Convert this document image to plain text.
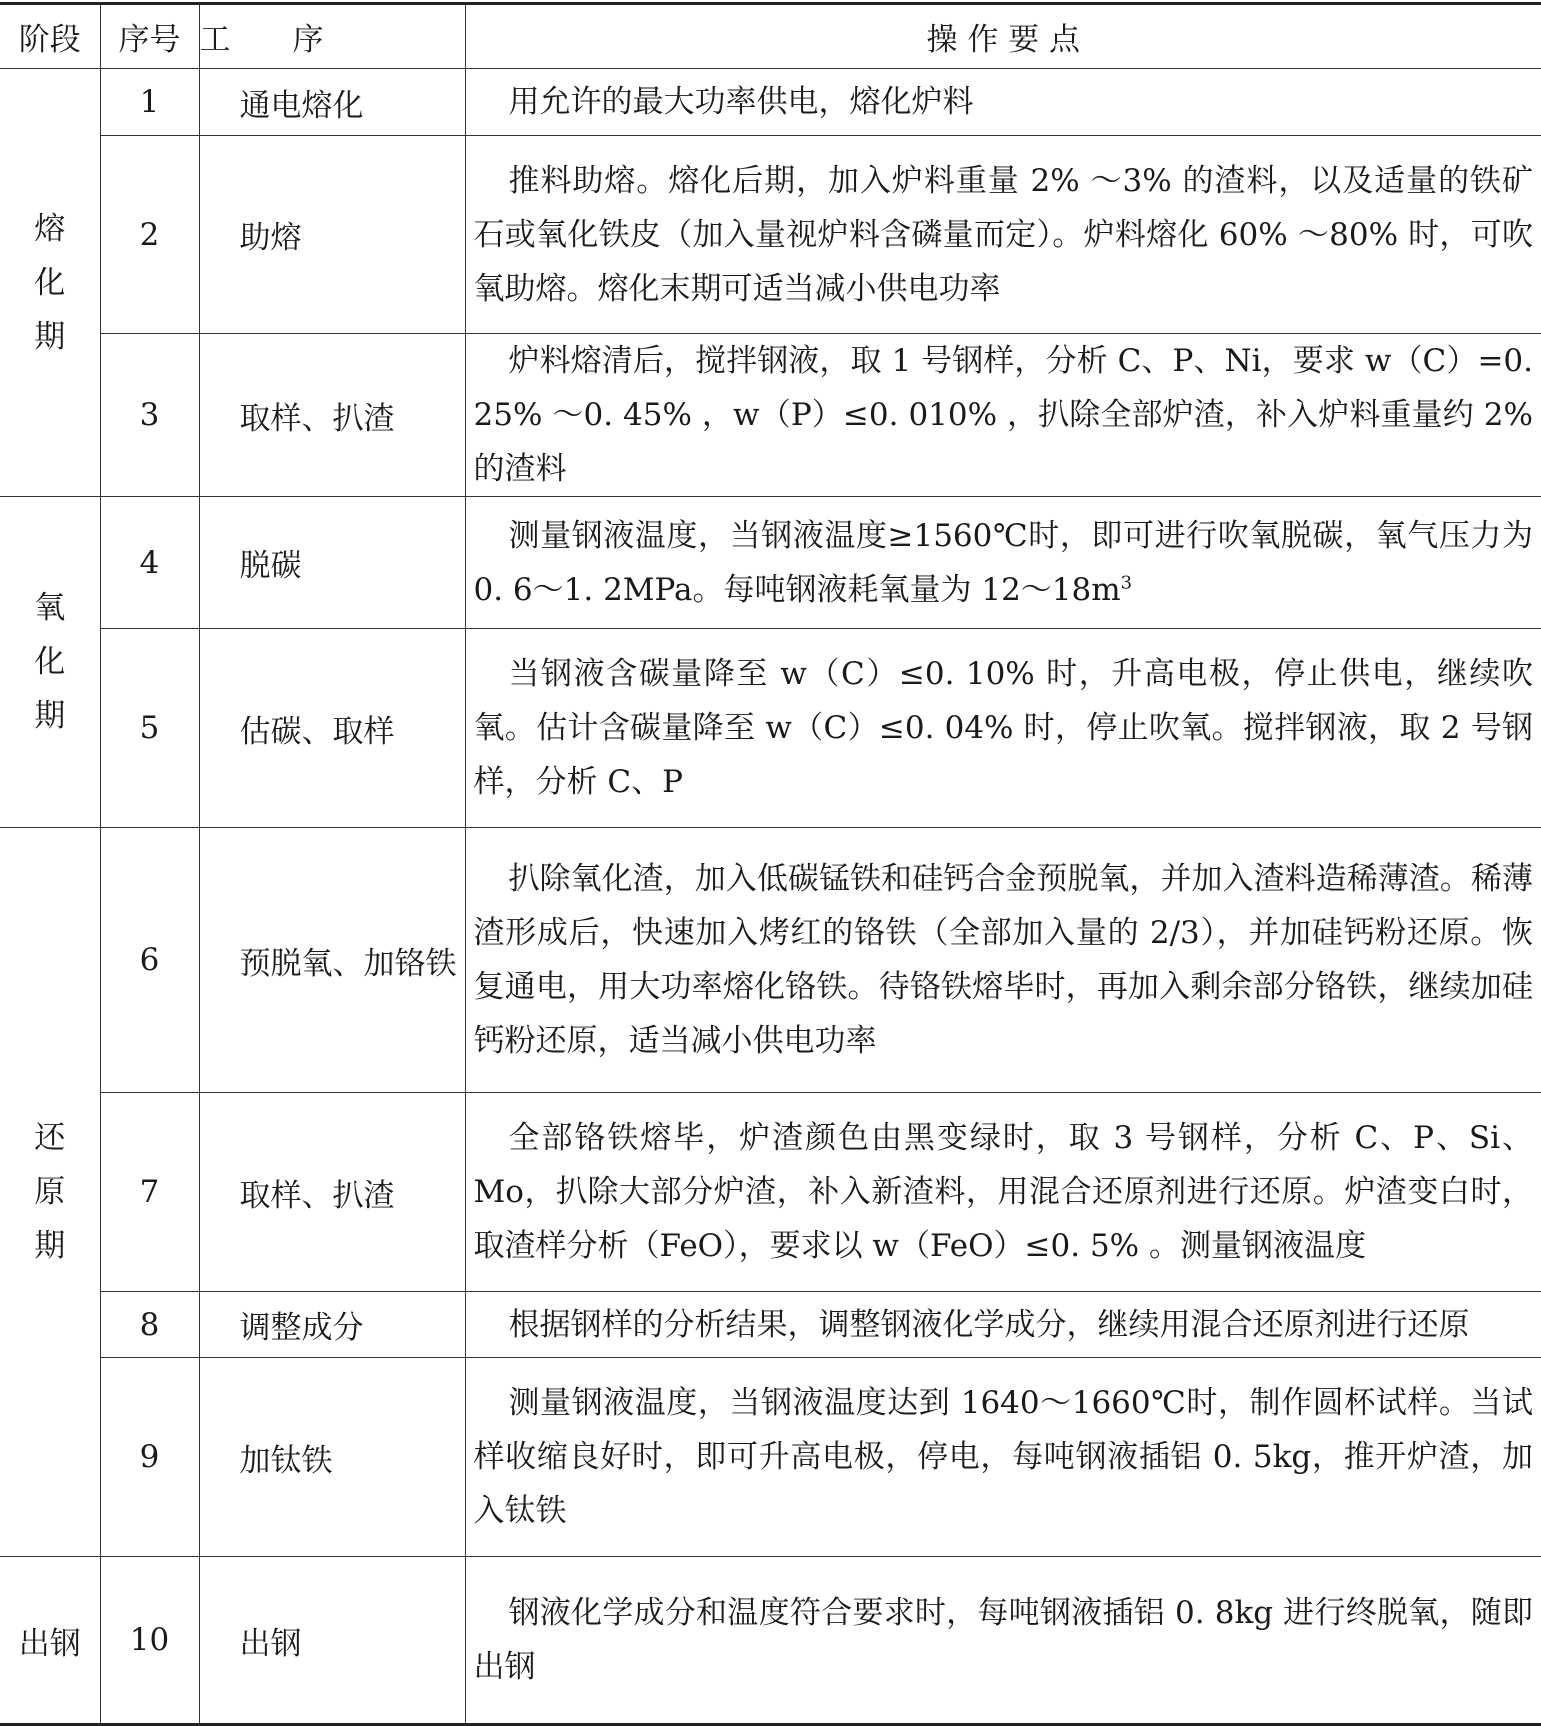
阶段	序号	工　　序	操 作 要 点

熔
化
期	1	通电熔化	用允许的最大功率供电，熔化炉料

	2	助熔	推料助熔。熔化后期，加入炉料重量 2% ～3% 的渣料，以及适量的铁矿石或氧化铁皮（加入量视炉料含磷量而定）。炉料熔化 60% ～80% 时，可吹氧助熔。熔化末期可适当减小供电功率

	3	取样、扒渣	炉料熔清后，搅拌钢液，取 1 号钢样，分析 C、P、Ni，要求 w（C）=0. 25% ～0. 45% ，w（P）≤0. 010% ，扒除全部炉渣，补入炉料重量约 2% 的渣料

氧
化
期	4	脱碳	测量钢液温度，当钢液温度≥1560℃时，即可进行吹氧脱碳，氧气压力为 0. 6～1. 2MPa。每吨钢液耗氧量为 $12\sim 18m^3$

	5	估碳、取样	当钢液含碳量降至 w（C）≤0. 10% 时，升高电极，停止供电，继续吹氧。估计含碳量降至 w（C）≤0. 04% 时，停止吹氧。搅拌钢液，取 2 号钢样，分析 C、P

还
原
期	6	预脱氧、加铬铁	扒除氧化渣，加入低碳锰铁和硅钙合金预脱氧，并加入渣料造稀薄渣。稀薄渣形成后，快速加入烤红的铬铁（全部加入量的 2/3），并加硅钙粉还原。恢复通电，用大功率熔化铬铁。待铬铁熔毕时，再加入剩余部分铬铁，继续加硅钙粉还原，适当减小供电功率

	7	取样、扒渣	全部铬铁熔毕，炉渣颜色由黑变绿时，取 3 号钢样，分析 C、P、Si、Mo，扒除大部分炉渣，补入新渣料，用混合还原剂进行还原。炉渣变白时，取渣样分析（FeO），要求以 w（FeO）≤0. 5% 。测量钢液温度

	8	调整成分	根据钢样的分析结果，调整钢液化学成分，继续用混合还原剂进行还原

	9	加钛铁	测量钢液温度，当钢液温度达到 1640～1660℃时，制作圆杯试样。当试样收缩良好时，即可升高电极，停电，每吨钢液插铝 0. 5kg，推开炉渣，加入钛铁

出钢	10	出钢	钢液化学成分和温度符合要求时，每吨钢液插铝 0. 8kg 进行终脱氧，随即出钢
